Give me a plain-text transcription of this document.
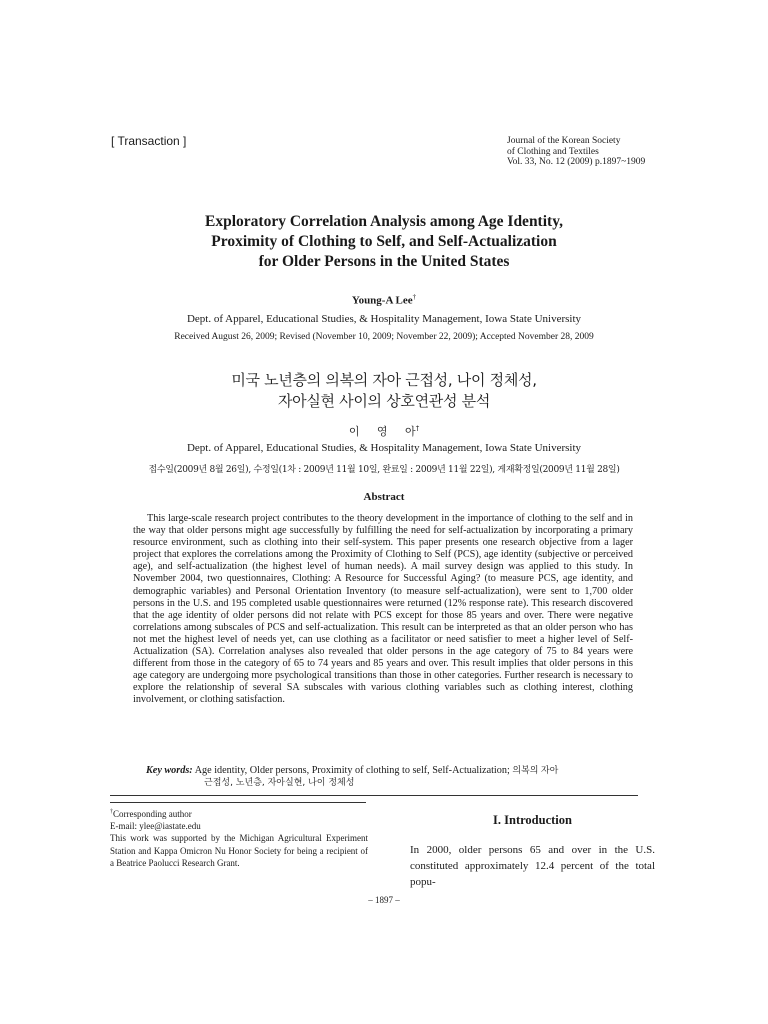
[ Transaction ]	Journal of the Korean Society
of Clothing and Textiles
Vol. 33, No. 12 (2009) p.1897~1909
Exploratory Correlation Analysis among Age Identity,
Proximity of Clothing to Self, and Self-Actualization
for Older Persons in the United States
Young-A Lee†
Dept. of Apparel, Educational Studies, & Hospitality Management, Iowa State University
Received August 26, 2009; Revised (November 10, 2009; November 22, 2009); Accepted November 28, 2009
미국 노년층의 의복의 자아 근접성, 나이 정체성,
자아실현 사이의 상호연관성 분석
이 영 아†
Dept. of Apparel, Educational Studies, & Hospitality Management, Iowa State University
접수일(2009년 8월 26일), 수정일(1차 : 2009년 11월 10일, 완료일 : 2009년 11월 22일), 게재확정일(2009년 11월 28일)
Abstract
This large-scale research project contributes to the theory development in the importance of clothing to the self and in the way that older persons might age successfully by fulfilling the need for self-actualization by incorporating a primary resource environment, such as clothing into their self-system. This paper presents one research objective from a lager project that explores the correlations among the Proximity of Clothing to Self (PCS), age identity (subjective or perceived age), and self-actualization (the highest level of human needs). A mail survey design was applied to this study. In November 2004, two questionnaires, Clothing: A Resource for Successful Aging? (to measure PCS, age identity, and demographic variables) and Personal Orientation Inventory (to measure self-actualization), were sent to 1,700 older persons in the U.S. and 195 completed usable questionnaires were returned (12% response rate). This research discovered that the age identity of older persons did not relate with PCS except for those 85 years and over. There were negative correlations among subscales of PCS and self-actualization. This result can be interpreted as that an older person who has not met the highest level of needs yet, can use clothing as a facilitator or need satisfier to meet a higher level of Self-Actualization (SA). Correlation analyses also revealed that older persons in the age category of 75 to 84 years were different from those in the category of 65 to 74 years and 85 years and over. This result implies that older persons in this age category are undergoing more psychological transitions than those in other categories. Further research is necessary to explore the relationship of several SA subscales with various clothing variables such as clothing interest, clothing involvement, or clothing satisfaction.
Key words: Age identity, Older persons, Proximity of clothing to self, Self-Actualization; 의복의 자아
근접성, 노년층, 자아실현, 나이 정체성
†Corresponding author
E-mail: ylee@iastate.edu
This work was supported by the Michigan Agricultural Experiment Station and Kappa Omicron Nu Honor Society for being a recipient of a Beatrice Paolucci Research Grant.
I. Introduction
In 2000, older persons 65 and over in the U.S. constituted approximately 12.4 percent of the total popu-
– 1897 –
